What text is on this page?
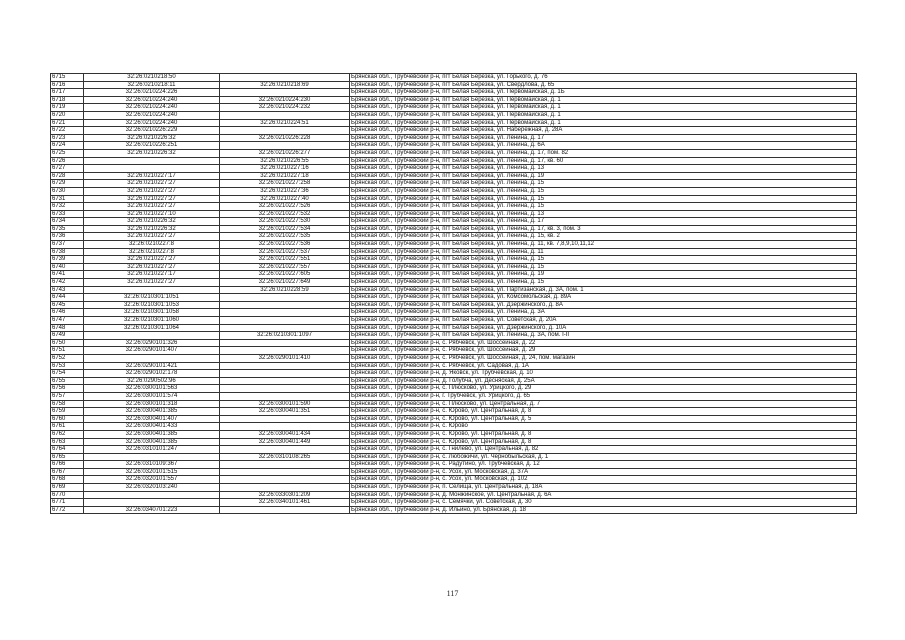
6715	32:26:0210218:50		Брянская обл., Трубчевский р-н, пгт Белая Березка, ул. Горького, д. 76
6716	32:26:0210218:11	32:26:0210218:69	Брянская обл., Трубчевский р-н, пгт Белая Березка, ул. Свердлова, д. 65
6717	32:26:0210224:226		Брянская обл., Трубчевский р-н, пгт Белая Березка, ул. Первомайская, д. 1Б
6718	32:26:0210224:240	32:26:0210224:230	Брянская обл., Трубчевский р-н, пгт Белая Березка, ул. Первомайская, д. 1
6719	32:26:0210224:240	32:26:0210224:232	Брянская обл., Трубчевский р-н, пгт Белая Березка, ул. Первомайская, д. 1
6720	32:26:0210224:240		Брянская обл., Трубчевский р-н, пгт Белая Березка, ул. Первомайская, д. 1
6721	32:26:0210224:240	32:26:0210224:51	Брянская обл., Трубчевский р-н, пгт Белая Березка, ул. Первомайская, д. 1
6722	32:26:0210226:229		Брянская обл., Трубчевский р-н, пгт Белая Березка, ул. Набережная, д. 28А
6723	32:26:0210226:32	32:26:0210226:228	Брянская обл., Трубчевский р-н, пгт Белая Березка, ул. Ленина, д. 17
6724	32:26:0210226:251		Брянская обл., Трубчевский р-н, пгт Белая Березка, ул. Ленина, д. 6А
6725	32:26:0210226:32	32:26:0210226:277	Брянская обл., Трубчевский р-н, пгт Белая Березка, ул. Ленина, д. 17, пом. 82
6726		32:26:0210226:55	Брянская обл., Трубчевский р-н, пгт Белая Березка, ул. Ленина, д. 17, кв. 60
6727		32:26:0210227:16	Брянская обл., Трубчевский р-н, пгт Белая Березка, ул. Ленина, д. 13
6728	32:26:0210227:17	32:26:0210227:18	Брянская обл., Трубчевский р-н, пгт Белая Березка, ул. Ленина, д. 19
6729	32:26:0210227:27	32:26:0210227:258	Брянская обл., Трубчевский р-н, пгт Белая Березка, ул. Ленина, д. 15
6730	32:26:0210227:27	32:26:0210227:36	Брянская обл., Трубчевский р-н, пгт Белая Березка, ул. Ленина, д. 15
6731	32:26:0210227:27	32:26:0210227:40	Брянская обл., Трубчевский р-н, пгт Белая Березка, ул. Ленина, д. 15
6732	32:26:0210227:27	32:26:0210227:526	Брянская обл., Трубчевский р-н, пгт Белая Березка, ул. Ленина, д. 15
6733	32:26:0210227:10	32:26:0210227:532	Брянская обл., Трубчевский р-н, пгт Белая Березка, ул. Ленина, д. 13
6734	32:26:0210226:32	32:26:0210227:530	Брянская обл., Трубчевский р-н, пгт Белая Березка, ул. Ленина, д. 17
6735	32:26:0210226:32	32:26:0210227:534	Брянская обл., Трубчевский р-н, пгт Белая Березка, ул. Ленина, д. 17, кв. 3, пом. 3
6736	32:26:0210227:27	32:26:0210227:535	Брянская обл., Трубчевский р-н, пгт Белая Березка, ул. Ленина, д. 15, кв. 2
6737	32:26:0210227:8	32:26:0210227:536	Брянская обл., Трубчевский р-н, пгт Белая Березка, ул. Ленина, д. 11, кв. 7,8,9,10,11,12
6738	32:26:0210227:8	32:26:0210227:537	Брянская обл., Трубчевский р-н, пгт Белая Березка, ул. Ленина, д. 11
6739	32:26:0210227:27	32:26:0210227:551	Брянская обл., Трубчевский р-н, пгт Белая Березка, ул. Ленина, д. 15
6740	32:26:0210227:27	32:26:0210227:557	Брянская обл., Трубчевский р-н, пгт Белая Березка, ул. Ленина, д. 15
6741	32:26:0210227:17	32:26:0210227:605	Брянская обл., Трубчевский р-н, пгт Белая Березка, ул. Ленина, д. 19
6742	32:26:0210227:27	32:26:0210227:649	Брянская обл., Трубчевский р-н, пгт Белая Березка, ул. Ленина, д. 15
6743		32:26:0210228:59	Брянская обл., Трубчевский р-н, пгт Белая Березка, ул. Партизанская, д. 3А, пом. 1
6744	32:26:0210301:1051		Брянская обл., Трубчевский р-н, пгт Белая Березка, ул. Комсомольская, д. 89А
6745	32:26:0210301:1053		Брянская обл., Трубчевский р-н, пгт Белая Березка, ул. Дзержинского, д. 8А
6746	32:26:0210301:1058		Брянская обл., Трубчевский р-н, пгт Белая Березка, ул. Ленина, д. 3А
6747	32:26:0210301:1060		Брянская обл., Трубчевский р-н, пгт Белая Березка, ул. Советская, д. 20А
6748	32:26:0210301:1064		Брянская обл., Трубчевский р-н, пгт Белая Березка, ул. Дзержинского, д. 10А
6749		32:26:0210301:1097	Брянская обл., Трубчевский р-н, пгт Белая Березка, ул. Ленина, д. 3А, пом. I-II
6750	32:26:0290101:326		Брянская обл., Трубчевский р-н, с. Рябчевск, ул. Шоссейная, д. 22
6751	32:26:0290101:407		Брянская обл., Трубчевский р-н, с. Рябчевск, ул. Шоссейная, д. 29
6752		32:26:0290101:410	Брянская обл., Трубчевский р-н, с. Рябчевск, ул. Шоссейная, д. 24, пом. магазин
6753	32:26:0290101:421		Брянская обл., Трубчевский р-н, с. Рябчевск, ул. Садовая, д. 1А
6754	32:26:0290102:178		Брянская обл., Трубчевский р-н, д. Яковск, ул. Трубчевская, д. 10
6755	32:26:0290502:96		Брянская обл., Трубчевский р-н, д. Голубча, ул. Десняская, д. 25А
6756	32:26:0300101:563		Брянская обл., Трубчевский р-н, с. Плюсково, ул. Урицкого, д. 29
6757	32:26:0300101:574		Брянская обл., Трубчевский р-н, г. Трубчевск, ул. Урицкого, д. 65
6758	32:26:0300101:318	32:26:0300101:590	Брянская обл., Трубчевский р-н, с. Плюсково, ул. Центральная, д. 7
6759	32:26:0300401:385	32:26:0300401:351	Брянская обл., Трубчевский р-н, с. Юрово, ул. Центральная, д. 8
6760	32:26:0300401:407		Брянская обл., Трубчевский р-н, с. Юрово, ул. Центральная, д. 5
6761	32:26:0300401:433		Брянская обл., Трубчевский р-н, с. Юрово
6762	32:26:0300401:385	32:26:0300401:434	Брянская обл., Трубчевский р-н, с. Юрово, ул. Центральная, д. 8
6763	32:26:0300401:385	32:26:0300401:449	Брянская обл., Трубчевский р-н, с. Юрово, ул. Центральная, д. 8
6764	32:26:0310101:247		Брянская обл., Трубчевский р-н, с. Гнилево, ул. Центральная, д. 82
6765		32:26:0310108:265	Брянская обл., Трубчевский р-н, с. Любожичи, ул. Чернобыльская, д. 1
6766	32:26:0310109:367		Брянская обл., Трубчевский р-н, с. Радутино, ул. Трубчевская, д. 12
6767	32:26:0320101:515		Брянская обл., Трубчевский р-н, с. Усох, ул. Московская, д. 37А
6768	32:26:0320101:557		Брянская обл., Трубчевский р-н, с. Усох, ул. Московская, д. 102
6769	32:26:0320103:240		Брянская обл., Трубчевский р-н, п. Селища, ул. Центральная, д. 18А
6770		32:26:0330301:209	Брянская обл., Трубчевский р-н, д. Монжинское, ул. Центральная, д. 6А
6771		32:26:0340101:461	Брянская обл., Трубчевский р-н, с. Семячки, ул. Советская, д. 30
6772	32:26:0340701:223		Брянская обл., Трубчевский р-н, д. Ильино, ул. Брянская, д. 18
117
